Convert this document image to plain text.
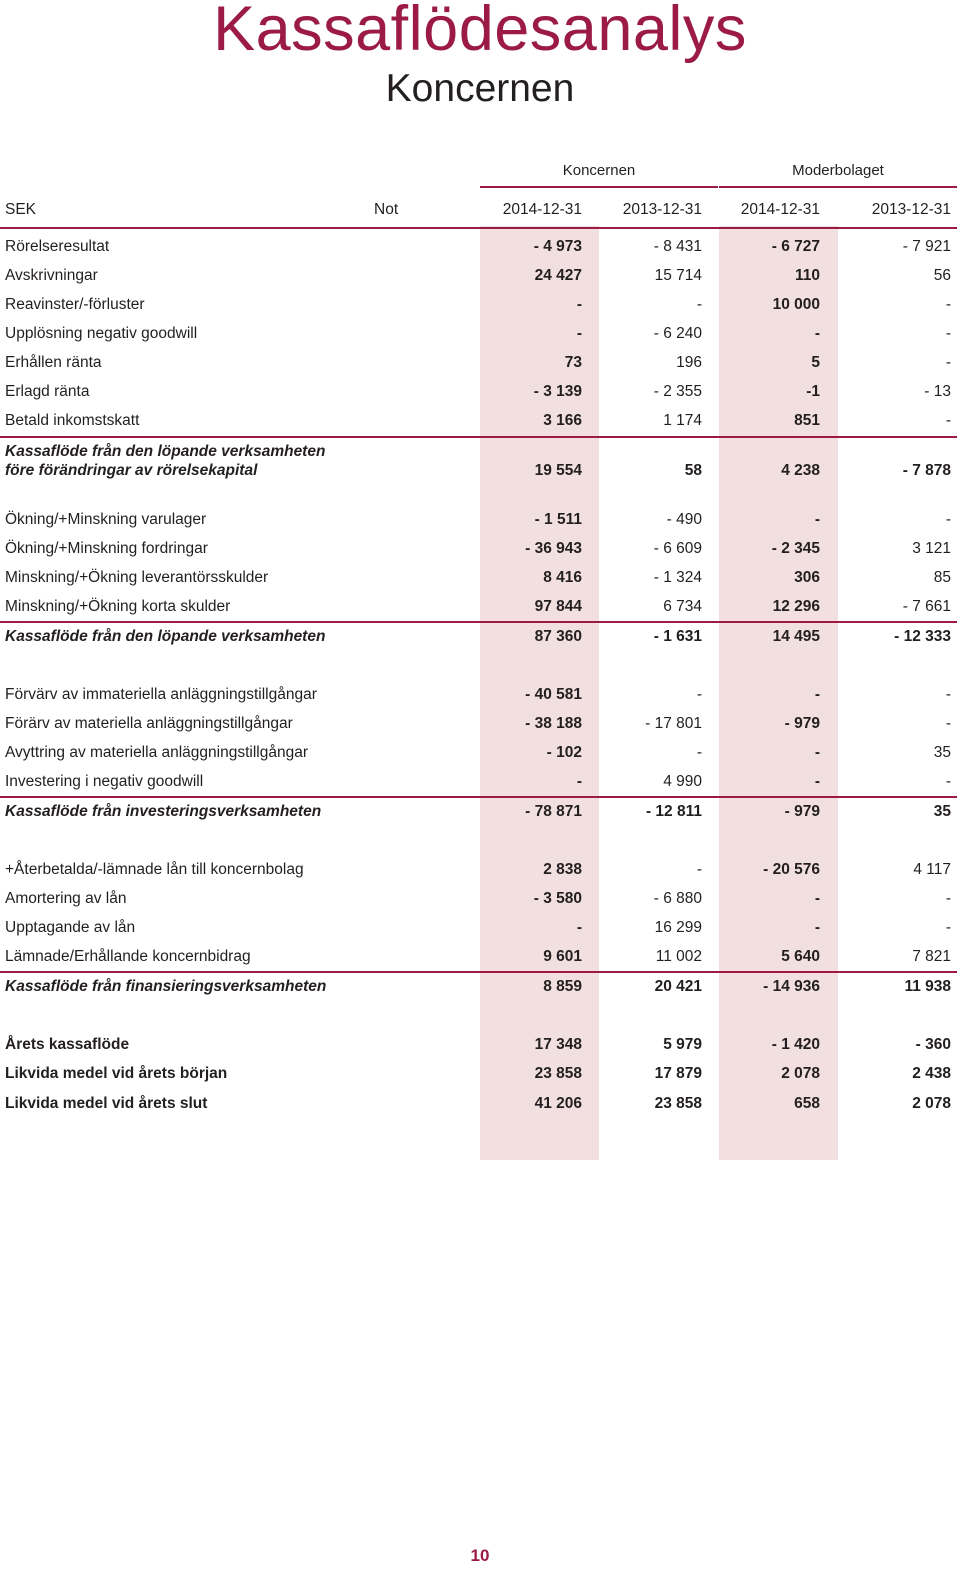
Kassaflödesanalys
Koncernen
Koncernen	Moderbolaget
SEK	Not	2014-12-31	2013-12-31	2014-12-31	2013-12-31
Rörelseresultat	- 4 973	- 8 431	- 6 727	- 7 921
Avskrivningar	24 427	15 714	110	56
Reavinster/-förluster	-	-	10 000	-
Upplösning negativ goodwill	-	- 6 240	-	-
Erhållen ränta	73	196	5	-
Erlagd ränta	- 3 139	- 2 355	-1	- 13
Betald inkomstskatt	3 166	1 174	851	-
Kassaflöde från den löpande verksamheten
före förändringar av rörelsekapital	19 554	58	4 238	- 7 878
Ökning/+Minskning varulager	- 1 511	- 490	-	-
Ökning/+Minskning fordringar	- 36 943	- 6 609	- 2 345	3 121
Minskning/+Ökning leverantörsskulder	8 416	- 1 324	306	85
Minskning/+Ökning korta skulder	97 844	6 734	12 296	- 7 661
Kassaflöde från den löpande verksamheten	87 360	- 1 631	14 495	- 12 333
Förvärv av immateriella anläggningstillgångar	- 40 581	-	-	-
Förärv av materiella anläggningstillgångar	- 38 188	- 17 801	- 979	-
Avyttring av materiella anläggningstillgångar	- 102	-	-	35
Investering i negativ goodwill	-	4 990	-	-
Kassaflöde från investeringsverksamheten	- 78 871	- 12 811	- 979	35
+Återbetalda/-lämnade lån till koncernbolag	2 838	-	- 20 576	4 117
Amortering av lån	- 3 580	- 6 880	-	-
Upptagande av lån	-	16 299	-	-
Lämnade/Erhållande koncernbidrag	9 601	11 002	5 640	7 821
Kassaflöde från finansieringsverksamheten	8 859	20 421	- 14 936	11 938
Årets kassaflöde	17 348	5 979	- 1 420	- 360
Likvida medel vid årets början	23 858	17 879	2 078	2 438
Likvida medel vid årets slut	41 206	23 858	658	2 078
10
